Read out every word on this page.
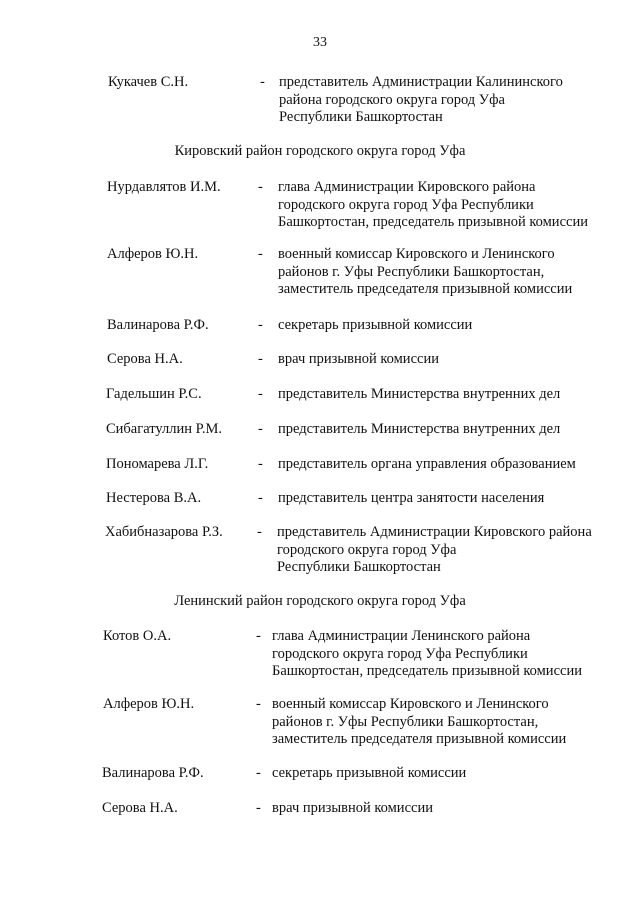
33
Кукачев С.Н.	- представитель Администрации Калининского
района городского округа город Уфа
Республики Башкортостан
Кировский район городского округа город Уфа
Нурдавлятов И.М.	- глава Администрации Кировского района
городского округа город Уфа Республики
Башкортостан, председатель призывной комиссии
Алферов Ю.Н.	- военный комиссар Кировского и Ленинского
районов г. Уфы Республики Башкортостан,
заместитель председателя призывной комиссии
Валинарова Р.Ф.	- секретарь призывной комиссии
Серова Н.А.	- врач призывной комиссии
Гадельшин Р.С.	- представитель Министерства внутренних дел
Сибагатуллин Р.М. - представитель Министерства внутренних дел
Пономарева Л.Г.	- представитель органа управления образованием
Нестерова В.А.	- представитель центра занятости населения
Хабибназарова Р.З. - представитель Администрации Кировского района
городского округа город Уфа
Республики Башкортостан
Ленинский район городского округа город Уфа
Котов О.А.	- глава Администрации Ленинского района
городского округа город Уфа Республики
Башкортостан, председатель призывной комиссии
Алферов Ю.Н.	- военный комиссар Кировского и Ленинского
районов г. Уфы Республики Башкортостан,
заместитель председателя призывной комиссии
Валинарова Р.Ф.	- секретарь призывной комиссии
Серова Н.А.	- врач призывной комиссии
